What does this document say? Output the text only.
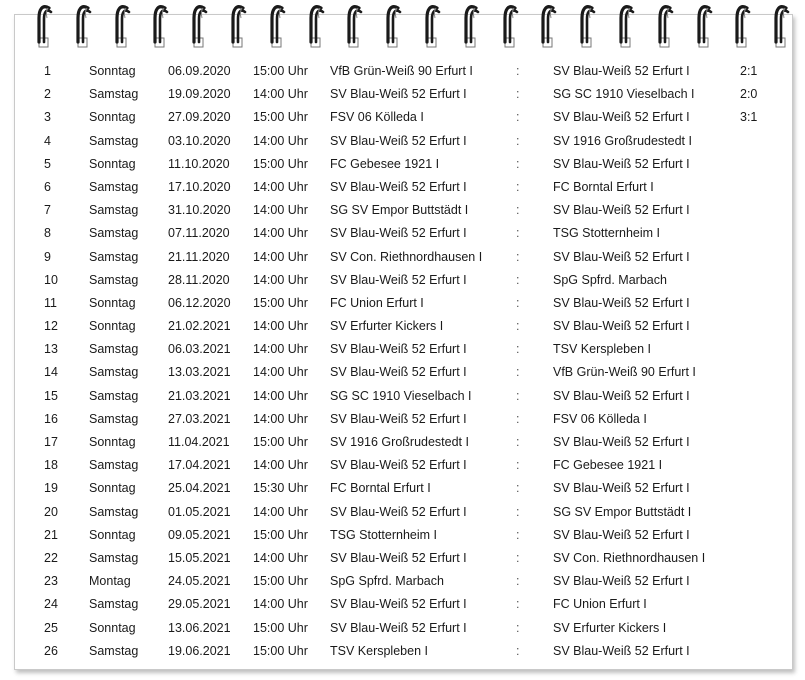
1	Sonntag	06.09.2020 15:00 Uhr VfB Grün-Weiß 90 Erfurt I	:	SV Blau-Weiß 52 Erfurt I	2:1
2	Samstag 19.09.2020 14:00 Uhr SV Blau-Weiß 52 Erfurt I	:	SG SC 1910 Vieselbach I	2:0
3	Sonntag	27.09.2020 15:00 Uhr FSV 06 Kölleda I	:	SV Blau-Weiß 52 Erfurt I	3:1
4	Samstag 03.10.2020 14:00 Uhr SV Blau-Weiß 52 Erfurt I	:	SV 1916 Großrudestedt I
5	Sonntag	11.10.2020 15:00 Uhr FC Gebesee 1921 I	:	SV Blau-Weiß 52 Erfurt I
6	Samstag 17.10.2020 14:00 Uhr SV Blau-Weiß 52 Erfurt I	:	FC Borntal Erfurt I
7	Samstag 31.10.2020 14:00 Uhr SG SV Empor Buttstädt I	:	SV Blau-Weiß 52 Erfurt I
8	Samstag 07.11.2020 14:00 Uhr SV Blau-Weiß 52 Erfurt I	:	TSG Stotternheim I
9	Samstag 21.11.2020 14:00 Uhr SV Con. Riethnordhausen I	:	SV Blau-Weiß 52 Erfurt I
10 Samstag 28.11.2020 14:00 Uhr SV Blau-Weiß 52 Erfurt I	:	SpG Spfrd. Marbach
11	Sonntag	06.12.2020 15:00 Uhr FC Union Erfurt I	:	SV Blau-Weiß 52 Erfurt I
12 Sonntag	21.02.2021 14:00 Uhr SV Erfurter Kickers I	:	SV Blau-Weiß 52 Erfurt I
13 Samstag 06.03.2021 14:00 Uhr SV Blau-Weiß 52 Erfurt I	:	TSV Kerspleben I
14 Samstag 13.03.2021 14:00 Uhr SV Blau-Weiß 52 Erfurt I	:	VfB Grün-Weiß 90 Erfurt I
15 Samstag 21.03.2021 14:00 Uhr SG SC 1910 Vieselbach I	:	SV Blau-Weiß 52 Erfurt I
16 Samstag 27.03.2021 14:00 Uhr SV Blau-Weiß 52 Erfurt I	:	FSV 06 Kölleda I
17 Sonntag	11.04.2021 15:00 Uhr SV 1916 Großrudestedt I	:	SV Blau-Weiß 52 Erfurt I
18 Samstag 17.04.2021 14:00 Uhr SV Blau-Weiß 52 Erfurt I	:	FC Gebesee 1921 I
19 Sonntag	25.04.2021 15:30 Uhr FC Borntal Erfurt I	:	SV Blau-Weiß 52 Erfurt I
20 Samstag 01.05.2021 14:00 Uhr SV Blau-Weiß 52 Erfurt I	:	SG SV Empor Buttstädt I
21 Sonntag	09.05.2021 15:00 Uhr TSG Stotternheim I	:	SV Blau-Weiß 52 Erfurt I
22 Samstag 15.05.2021 14:00 Uhr SV Blau-Weiß 52 Erfurt I	:	SV Con. Riethnordhausen I
23 Montag	24.05.2021 15:00 Uhr SpG Spfrd. Marbach	:	SV Blau-Weiß 52 Erfurt I
24 Samstag 29.05.2021 14:00 Uhr SV Blau-Weiß 52 Erfurt I	:	FC Union Erfurt I
25 Sonntag	13.06.2021 15:00 Uhr SV Blau-Weiß 52 Erfurt I	:	SV Erfurter Kickers I
26 Samstag 19.06.2021 15:00 Uhr TSV Kerspleben I	:	SV Blau-Weiß 52 Erfurt I
